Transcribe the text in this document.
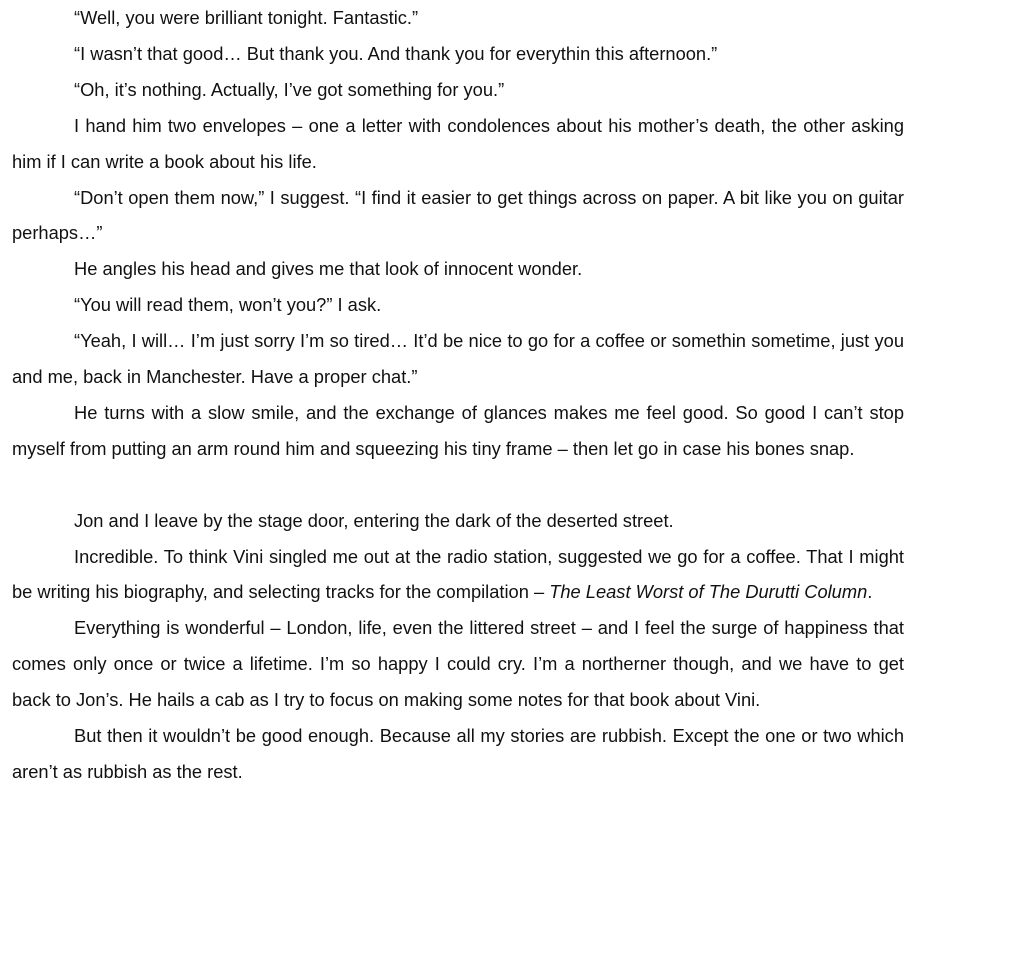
“Well, you were brilliant tonight. Fantastic.”

“I wasn’t that good… But thank you. And thank you for everythin this afternoon.”

“Oh, it’s nothing. Actually, I’ve got something for you.”

I hand him two envelopes – one a letter with condolences about his mother’s death, the other asking him if I can write a book about his life.

“Don’t open them now,” I suggest. “I find it easier to get things across on paper. A bit like you on guitar perhaps…”

He angles his head and gives me that look of innocent wonder.

“You will read them, won’t you?” I ask.

“Yeah, I will… I’m just sorry I’m so tired… It’d be nice to go for a coffee or somethin sometime, just you and me, back in Manchester. Have a proper chat.”

He turns with a slow smile, and the exchange of glances makes me feel good. So good I can’t stop myself from putting an arm round him and squeezing his tiny frame – then let go in case his bones snap.

Jon and I leave by the stage door, entering the dark of the deserted street.

Incredible. To think Vini singled me out at the radio station, suggested we go for a coffee. That I might be writing his biography, and selecting tracks for the compilation – The Least Worst of The Durutti Column.

Everything is wonderful – London, life, even the littered street – and I feel the surge of happiness that comes only once or twice a lifetime. I’m so happy I could cry. I’m a northerner though, and we have to get back to Jon’s. He hails a cab as I try to focus on making some notes for that book about Vini.

But then it wouldn’t be good enough. Because all my stories are rubbish. Except the one or two which aren’t as rubbish as the rest.
